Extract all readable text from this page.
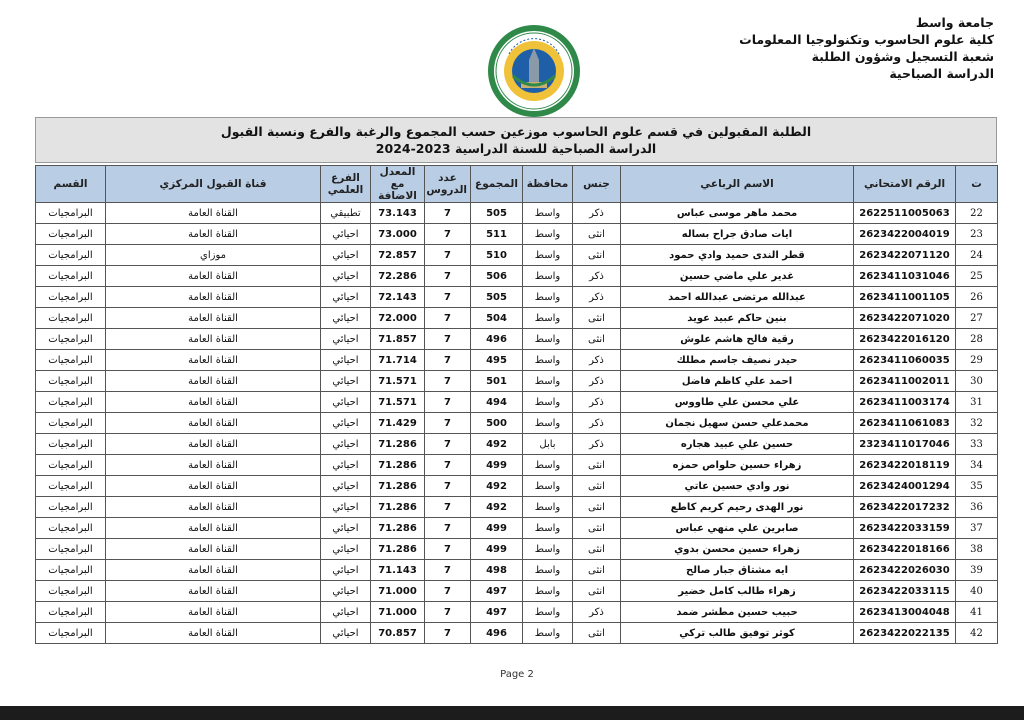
جامعة واسط
كلية علوم الحاسوب وتكنولوجيا المعلومات
شعبة التسجيل وشؤون الطلبة
الدراسة الصباحية
الطلبة المقبولين في قسم علوم الحاسوب موزعين حسب المجموع والرغبة والفرع ونسبة القبول
الدراسة الصباحية للسنة الدراسية 2023-2024
ت	الرقم الامتحاني	الاسم الرباعي	جنس	محافظة	المجموع	عدد الدروس	المعدل مع الاضافة	الفرع العلمي	قناة القبول المركزي	القسم
22	2622511005063	محمد ماهر موسى عباس	ذكر	واسط	505	7	73.143	تطبيقي	القناة العامة	البرامجيات
23	2623422004019	ايات صادق جراح بساله	انثى	واسط	511	7	73.000	احيائي	القناة العامة	البرامجيات
24	2623422071120	قطر الندى حميد وادي حمود	انثى	واسط	510	7	72.857	احيائي	موزاي	البرامجيات
25	2623411031046	غدير علي ماضي حسين	ذكر	واسط	506	7	72.286	احيائي	القناة العامة	البرامجيات
26	2623411001105	عبدالله مرتضى عبدالله احمد	ذكر	واسط	505	7	72.143	احيائي	القناة العامة	البرامجيات
27	2623422071020	بنين حاكم عبيد عويد	انثى	واسط	504	7	72.000	احيائي	القناة العامة	البرامجيات
28	2623422016120	رقية فالح هاشم علوش	انثى	واسط	496	7	71.857	احيائي	القناة العامة	البرامجيات
29	2623411060035	حيدر نصيف جاسم مطلك	ذكر	واسط	495	7	71.714	احيائي	القناة العامة	البرامجيات
30	2623411002011	احمد علي كاظم فاضل	ذكر	واسط	501	7	71.571	احيائي	القناة العامة	البرامجيات
31	2623411003174	علي محسن علي طاووس	ذكر	واسط	494	7	71.571	احيائي	القناة العامة	البرامجيات
32	2623411061083	محمدعلي حسن سهيل نجمان	ذكر	واسط	500	7	71.429	احيائي	القناة العامة	البرامجيات
33	2323411017046	حسين علي عبيد هجاره	ذكر	بابل	492	7	71.286	احيائي	القناة العامة	البرامجيات
34	2623422018119	زهراء حسين حلواص حمزه	انثى	واسط	499	7	71.286	احيائي	القناة العامة	البرامجيات
35	2623424001294	نور وادي حسين عاتي	انثى	واسط	492	7	71.286	احيائي	القناة العامة	البرامجيات
36	2623422017232	نور الهدى رحيم كريم كاطع	انثى	واسط	492	7	71.286	احيائي	القناة العامة	البرامجيات
37	2623422033159	صابرين علي منهي عباس	انثى	واسط	499	7	71.286	احيائي	القناة العامة	البرامجيات
38	2623422018166	زهراء حسين محسن بدوي	انثى	واسط	499	7	71.286	احيائي	القناة العامة	البرامجيات
39	2623422026030	ايه مشتاق جبار صالح	انثى	واسط	498	7	71.143	احيائي	القناة العامة	البرامجيات
40	2623422033115	زهراء طالب كامل خضير	انثى	واسط	497	7	71.000	احيائي	القناة العامة	البرامجيات
41	2623413004048	حبيب حسين مطشر ضمد	ذكر	واسط	497	7	71.000	احيائي	القناة العامة	البرامجيات
42	2623422022135	كوثر توفيق طالب تركي	انثى	واسط	496	7	70.857	احيائي	القناة العامة	البرامجيات
Page 2
